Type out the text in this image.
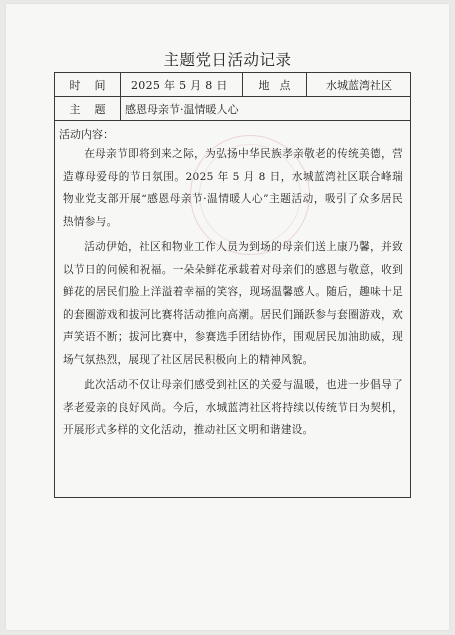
主题党日活动记录
时间	2025 年 5 月 8 日	地点	水城蓝湾社区
主题 感恩母亲节·温情暖人心
活动内容：

在母亲节即将到来之际，为弘扬中华民族孝亲敬老的传统美德，营造尊母爱母的节日氛围。2025 年 5 月 8 日，水城蓝湾社区联合峰瑞物业党支部开展“感恩母亲节·温情暖人心”主题活动，吸引了众多居民热情参与。

活动伊始，社区和物业工作人员为到场的母亲们送上康乃馨，并致以节日的问候和祝福。一朵朵鲜花承载着对母亲们的感恩与敬意，收到鲜花的居民们脸上洋溢着幸福的笑容，现场温馨感人。随后，趣味十足的套圈游戏和拔河比赛将活动推向高潮。居民们踊跃参与套圈游戏，欢声笑语不断；拔河比赛中，参赛选手团结协作，围观居民加油助威，现场气氛热烈，展现了社区居民积极向上的精神风貌。

此次活动不仅让母亲们感受到社区的关爱与温暖，也进一步倡导了孝老爱亲的良好风尚。今后，水城蓝湾社区将持续以传统节日为契机，开展形式多样的文化活动，推动社区文明和谐建设。
